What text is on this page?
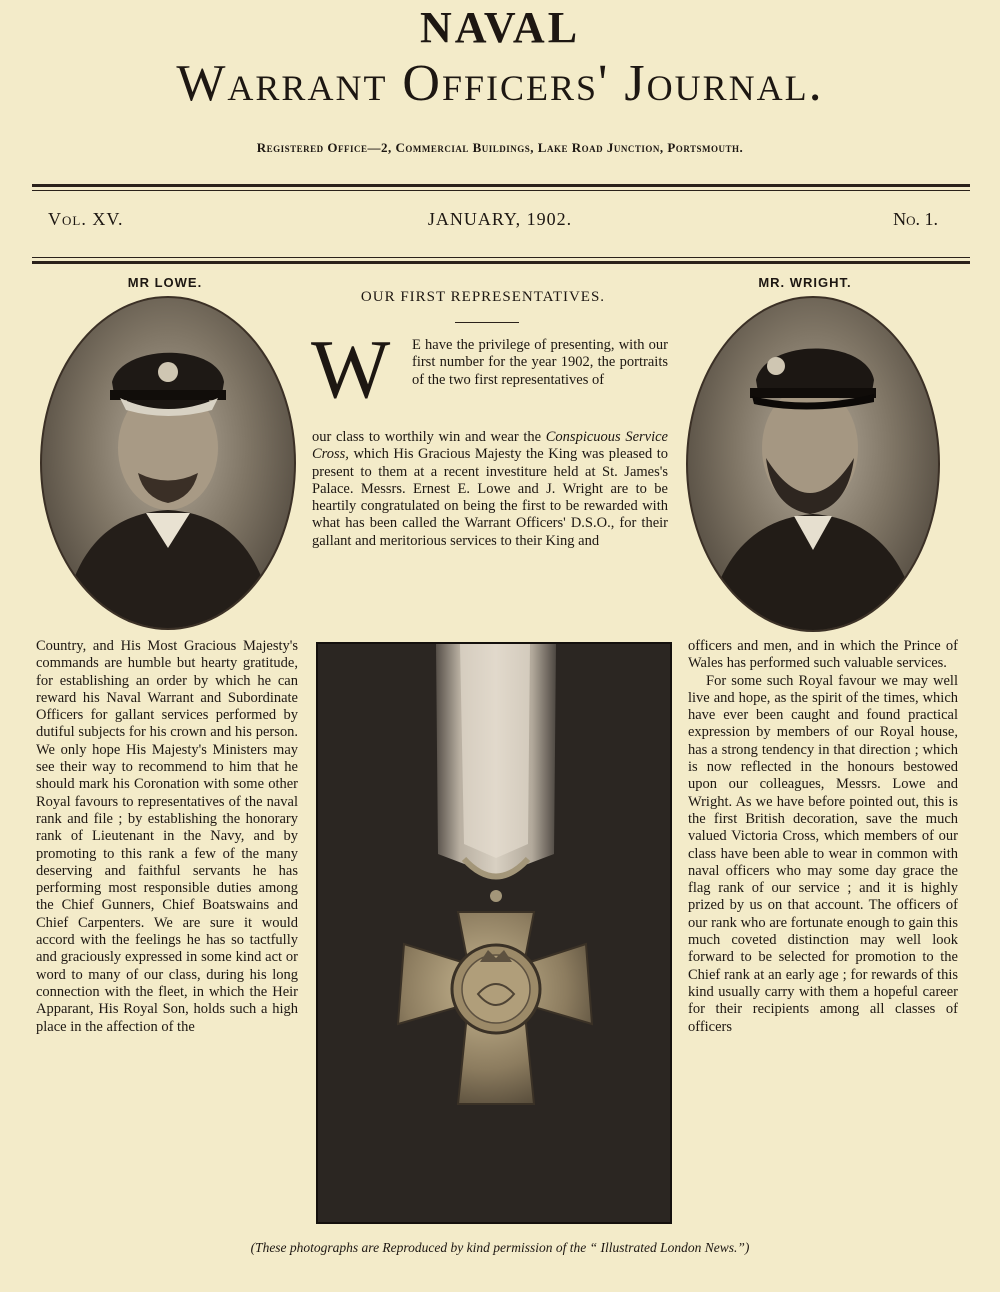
NAVAL
Warrant Officers' Journal.
Registered Office—2, Commercial Buildings, Lake Road Junction, Portsmouth.
Vol. XV.	JANUARY, 1902.	No. 1.
MR LOWE.	MR. WRIGHT.
OUR FIRST REPRESENTATIVES.
W E have the privilege of presenting, with our first number for the year 1902, the portraits of the two first representatives of
our class to worthily win and wear the Conspicuous Service Cross, which His Gracious Majesty the King was pleased to present to them at a recent investiture held at St. James's Palace. Messrs. Ernest E. Lowe and J. Wright are to be heartily congratulated on being the first to be rewarded with what has been called the Warrant Officers' D.S.O., for their gallant and meritorious services to their King and
Country, and His Most Gracious Majesty's commands are humble but hearty gratitude, for establishing an order by which he can reward his Naval Warrant and Subordinate Officers for gallant services performed by dutiful subjects for his crown and his person. We only hope His Majesty's Ministers may see their way to recommend to him that he should mark his Coronation with some other Royal favours to representatives of the naval rank and file ; by establishing the honorary rank of Lieutenant in the Navy, and by promoting to this rank a few of the many deserving and faithful servants he has performing most responsible duties among the Chief Gunners, Chief Boatswains and Chief Carpenters. We are sure it would accord with the feelings he has so tactfully and graciously expressed in some kind act or word to many of our class, during his long connection with the fleet, in which the Heir Apparant, His Royal Son, holds such a high place in the affection of the

officers and men, and in which the Prince of Wales has performed such valuable services.

For some such Royal favour we may well live and hope, as the spirit of the times, which have ever been caught and found practical expression by members of our Royal house, has a strong tendency in that direction ; which is now reflected in the honours bestowed upon our colleagues, Messrs. Lowe and Wright. As we have before pointed out, this is the first British decoration, save the much valued Victoria Cross, which members of our class have been able to wear in common with naval officers who may some day grace the flag rank of our service ; and it is highly prized by us on that account. The officers of our rank who are fortunate enough to gain this much coveted distinction may well look forward to be selected for promotion to the Chief rank at an early age ; for rewards of this kind usually carry with them a hopeful career for their recipients among all classes of officers

(These photographs are Reproduced by kind permission of the “ Illustrated London News.”)
